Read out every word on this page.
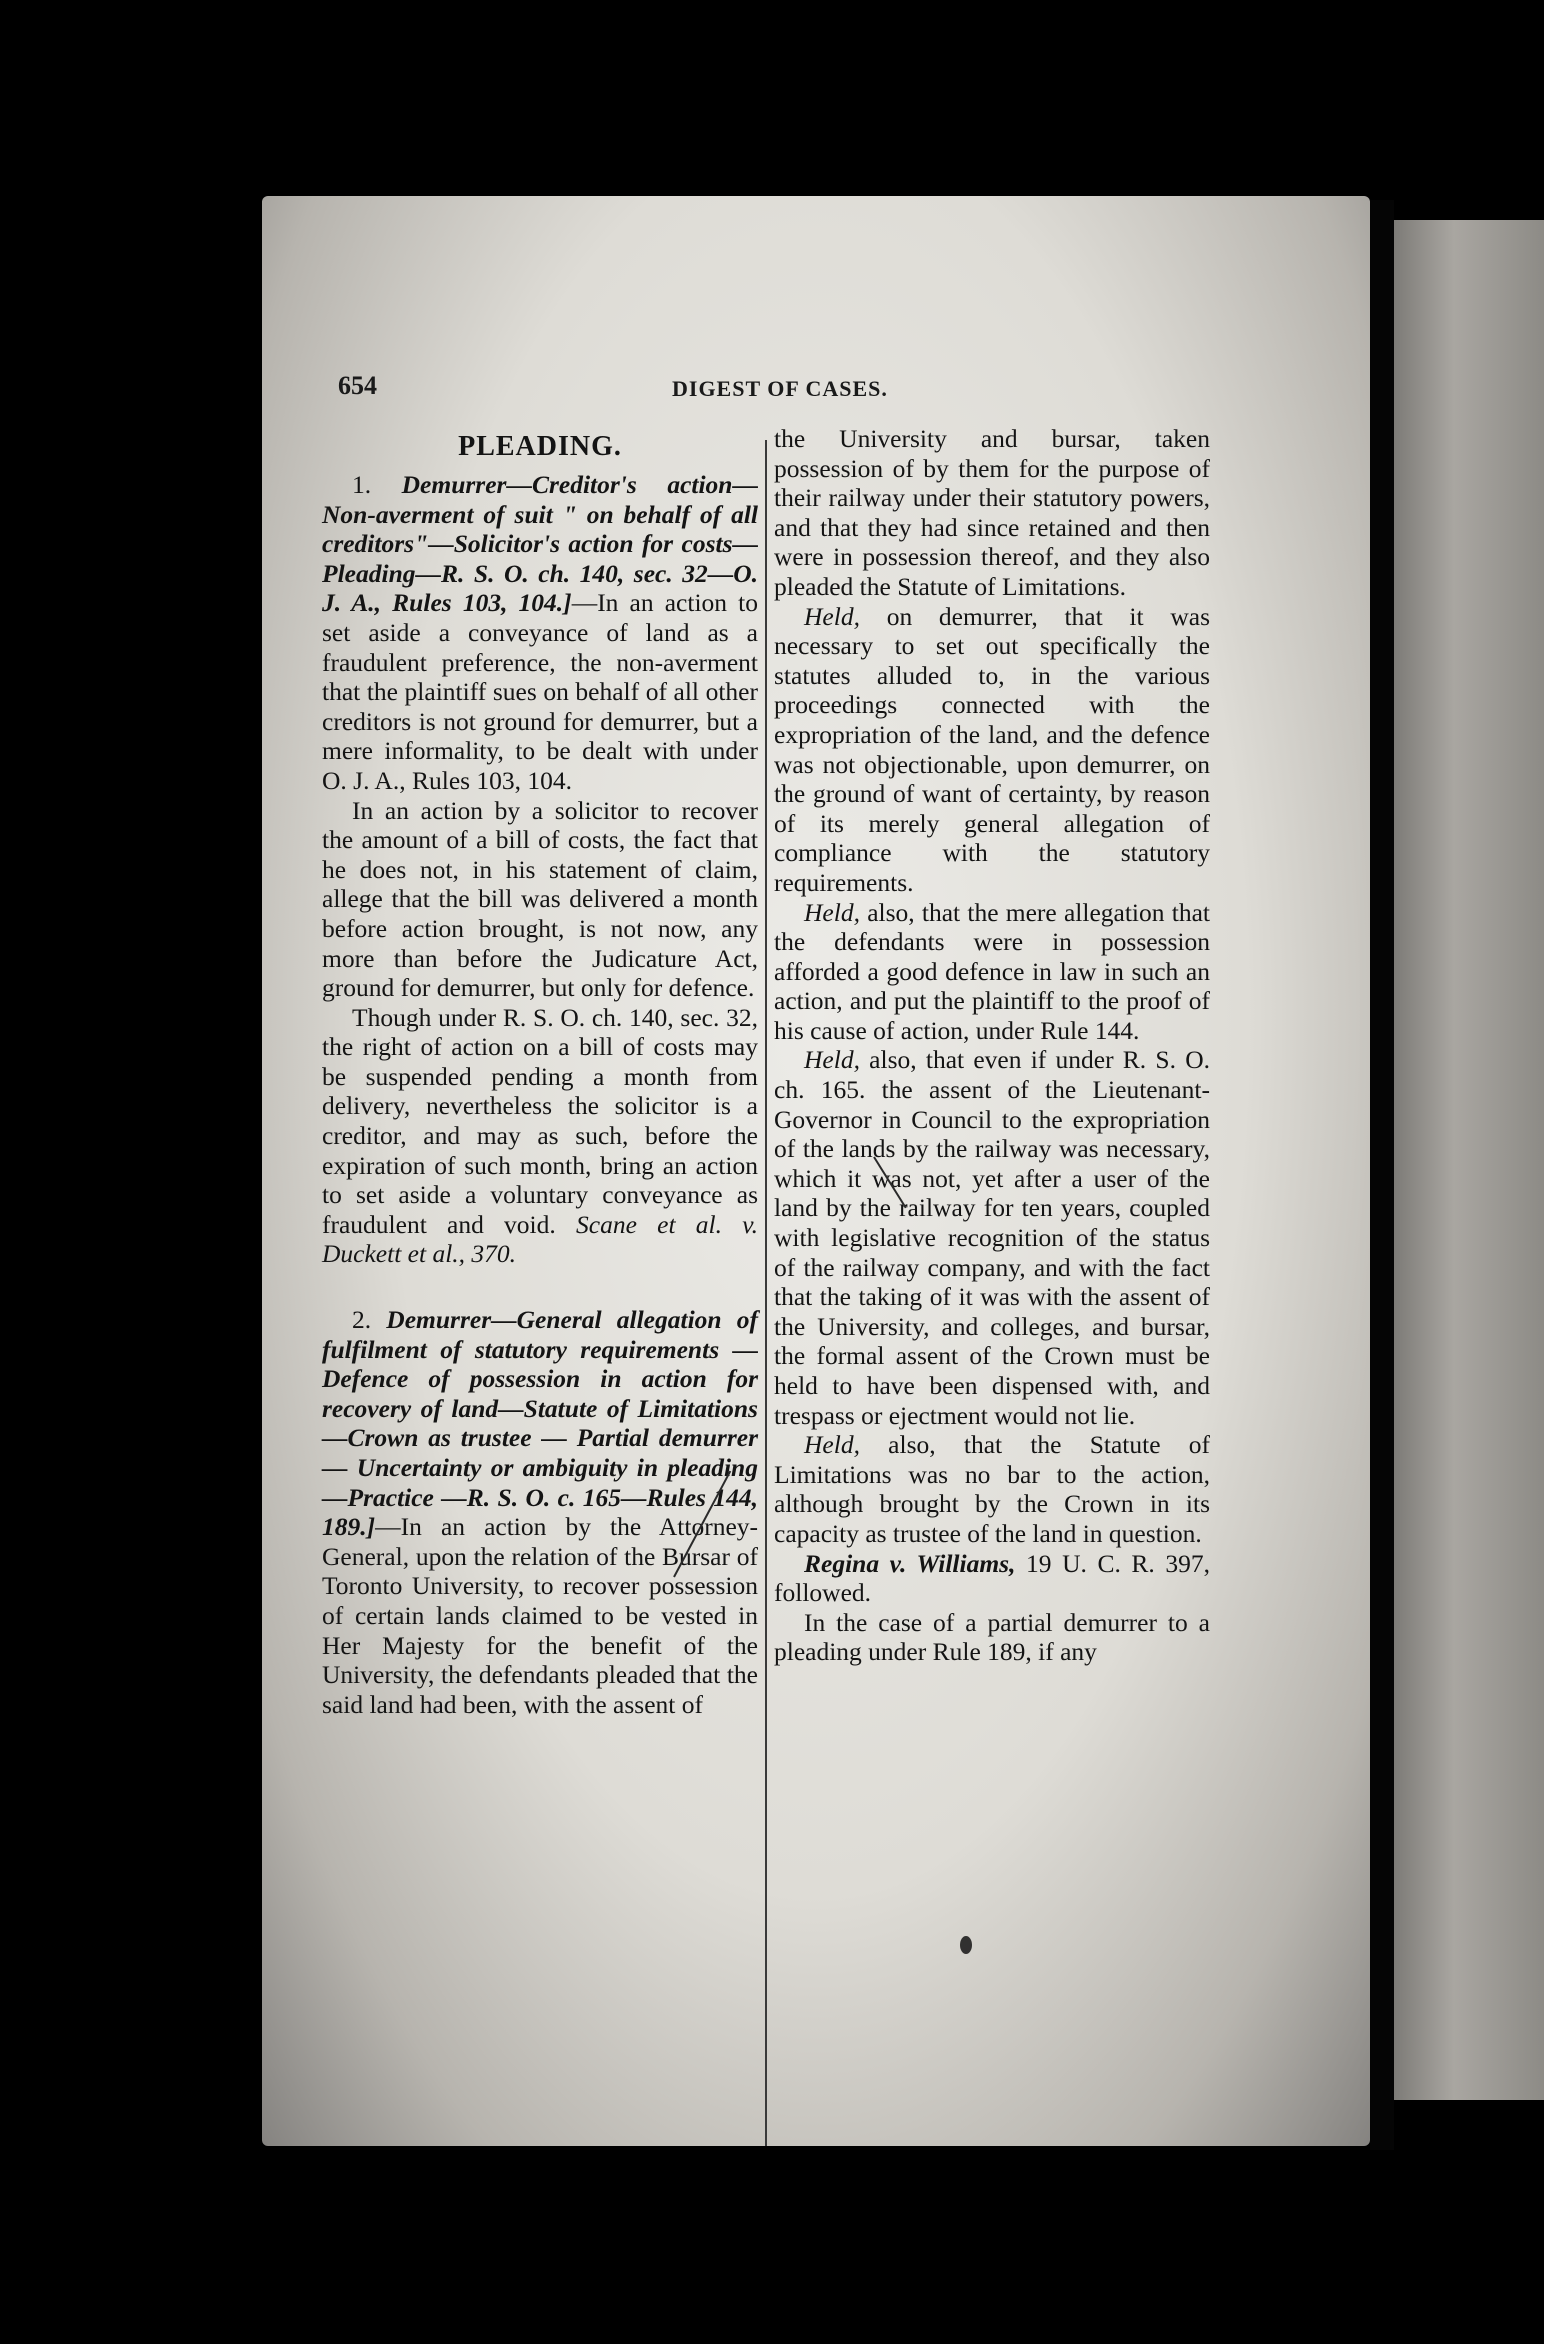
654	DIGEST OF CASES.
PLEADING.

1. Demurrer—Creditor's action—Non-averment of suit " on behalf of all creditors"—Solicitor's action for costs—Pleading—R. S. O. ch. 140, sec. 32—O. J. A., Rules 103, 104.]—In an action to set aside a conveyance of land as a fraudulent preference, the non-averment that the plaintiff sues on behalf of all other creditors is not ground for demurrer, but a mere informality, to be dealt with under O. J. A., Rules 103, 104.

In an action by a solicitor to recover the amount of a bill of costs, the fact that he does not, in his statement of claim, allege that the bill was delivered a month before action brought, is not now, any more than before the Judicature Act, ground for demurrer, but only for defence.

Though under R. S. O. ch. 140, sec. 32, the right of action on a bill of costs may be suspended pending a month from delivery, nevertheless the solicitor is a creditor, and may as such, before the expiration of such month, bring an action to set aside a voluntary conveyance as fraudulent and void. Scane et al. v. Duckett et al., 370.

2. Demurrer—General allegation of fulfilment of statutory requirements — Defence of possession in action for recovery of land—Statute of Limitations—Crown as trustee — Partial demurrer — Uncertainty or ambiguity in pleading—Practice —R. S. O. c. 165—Rules 144, 189.]—In an action by the Attorney-General, upon the relation of the Bursar of Toronto University, to recover possession of certain lands claimed to be vested in Her Majesty for the benefit of the University, the defendants pleaded that the said land had been, with the assent of

the University and bursar, taken possession of by them for the purpose of their railway under their statutory powers, and that they had since retained and then were in possession thereof, and they also pleaded the Statute of Limitations.

Held, on demurrer, that it was necessary to set out specifically the statutes alluded to, in the various proceedings connected with the expropriation of the land, and the defence was not objectionable, upon demurrer, on the ground of want of certainty, by reason of its merely general allegation of compliance with the statutory requirements.

Held, also, that the mere allegation that the defendants were in possession afforded a good defence in law in such an action, and put the plaintiff to the proof of his cause of action, under Rule 144.

Held, also, that even if under R. S. O. ch. 165. the assent of the Lieutenant-Governor in Council to the expropriation of the lands by the railway was necessary, which it was not, yet after a user of the land by the railway for ten years, coupled with legislative recognition of the status of the railway company, and with the fact that the taking of it was with the assent of the University, and colleges, and bursar, the formal assent of the Crown must be held to have been dispensed with, and trespass or ejectment would not lie.

Held, also, that the Statute of Limitations was no bar to the action, although brought by the Crown in its capacity as trustee of the land in question.

Regina v. Williams, 19 U. C. R. 397, followed.

In the case of a partial demurrer to a pleading under Rule 189, if any
